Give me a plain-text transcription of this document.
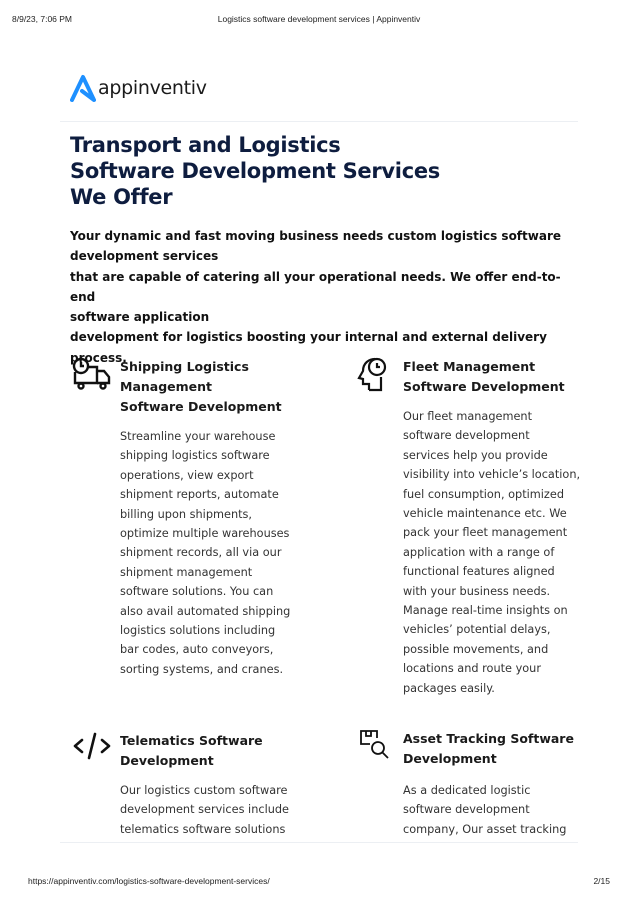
8/9/23, 7:06 PM	Logistics software development services | Appinventiv
appinventiv
Transport and Logistics
Software Development Services
We Offer
Your dynamic and fast moving business needs custom logistics software
development services
that are capable of catering all your operational needs. We offer end-to-end
software application
development for logistics boosting your internal and external delivery process.
Shipping Logistics
Management
Software Development
Streamline your warehouse
shipping logistics software
operations, view export
shipment reports, automate
billing upon shipments,
optimize multiple warehouses
shipment records, all via our
shipment management
software solutions. You can
also avail automated shipping
logistics solutions including
bar codes, auto conveyors,
sorting systems, and cranes.
Fleet Management
Software Development
Our fleet management
software development
services help you provide
visibility into vehicle’s location,
fuel consumption, optimized
vehicle maintenance etc. We
pack your fleet management
application with a range of
functional features aligned
with your business needs.
Manage real-time insights on
vehicles’ potential delays,
possible movements, and
locations and route your
packages easily.
Telematics Software
Development
Our logistics custom software
development services include
telematics software solutions
Asset Tracking Software
Development
As a dedicated logistic
software development
company, Our asset tracking
https://appinventiv.com/logistics-software-development-services/	2/15
